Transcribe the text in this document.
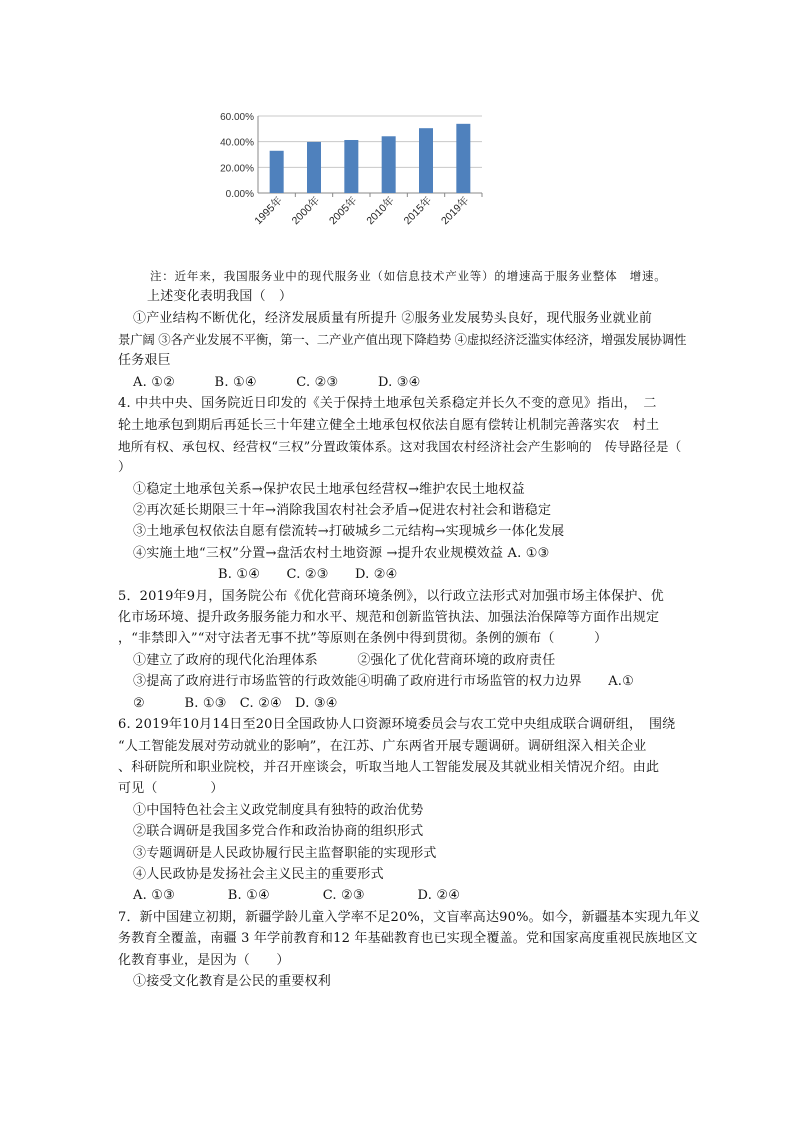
0.00%
20.00%
40.00%
60.00%
1995年 2000年 2005年 2010年 2015年 2019年
注：近年来，我国服务业中的现代服务业（如信息技术产业等）的增速高于服务业整体　增速。
上述变化表明我国（　）
①产业结构不断优化，经济发展质量有所提升 ②服务业发展势头良好，现代服务业就业前
景广阔 ③各产业发展不平衡，第一、二产业产值出现下降趋势 ④虚拟经济泛滥实体经济，增强发展协调性
任务艰巨
A. ①②　　　B. ①④　　　C. ②③　　　D. ③④
4. 中共中央、国务院近日印发的《关于保持土地承包关系稳定并长久不变的意见》指出，　二
轮土地承包到期后再延长三十年建立健全土地承包权依法自愿有偿转让机制完善落实农　村土
地所有权、承包权、经营权“三权”分置政策体系。这对我国农村经济社会产生影响的　传导路径是（
）
①稳定土地承包关系→保护农民土地承包经营权→维护农民土地权益
②再次延长期限三十年→消除我国农村社会矛盾→促进农村社会和谐稳定
③土地承包权依法自愿有偿流转→打破城乡二元结构→实现城乡一体化发展
④实施土地“三权”分置→盘活农村土地资源 →提升农业规模效益 A. ①③
B. ①④　　C. ②③　　D. ②④
5．2019年9月，国务院公布《优化营商环境条例》，以行政立法形式对加强市场主体保护、优
化市场环境、提升政务服务能力和水平、规范和创新监管执法、加强法治保障等方面作出规定
，“非禁即入”“对守法者无事不扰”等原则在条例中得到贯彻。条例的颁布（　　　）
①建立了政府的现代化治理体系　　　②强化了优化营商环境的政府责任
③提高了政府进行市场监管的行政效能④明确了政府进行市场监管的权力边界　　A.①
②　　　B. ①③　C. ②④　D. ③④
6. 2019年10月14日至20日全国政协人口资源环境委员会与农工党中央组成联合调研组，　围绕
“人工智能发展对劳动就业的影响”，在江苏、广东两省开展专题调研。调研组深入相关企业
、科研院所和职业院校，并召开座谈会，听取当地人工智能发展及其就业相关情况介绍。由此
可见（　　　　）
①中国特色社会主义政党制度具有独特的政治优势
②联合调研是我国多党合作和政治协商的组织形式
③专题调研是人民政协履行民主监督职能的实现形式
④人民政协是发扬社会主义民主的重要形式
A. ①③　　　　B. ①④　　　　C. ②③　　　　D. ②④
7．新中国建立初期，新疆学龄儿童入学率不足20%，文盲率高达90%。如今，新疆基本实现九年义
务教育全覆盖，南疆 3 年学前教育和12 年基础教育也已实现全覆盖。党和国家高度重视民族地区文
化教育事业，是因为（　　）
①接受文化教育是公民的重要权利
